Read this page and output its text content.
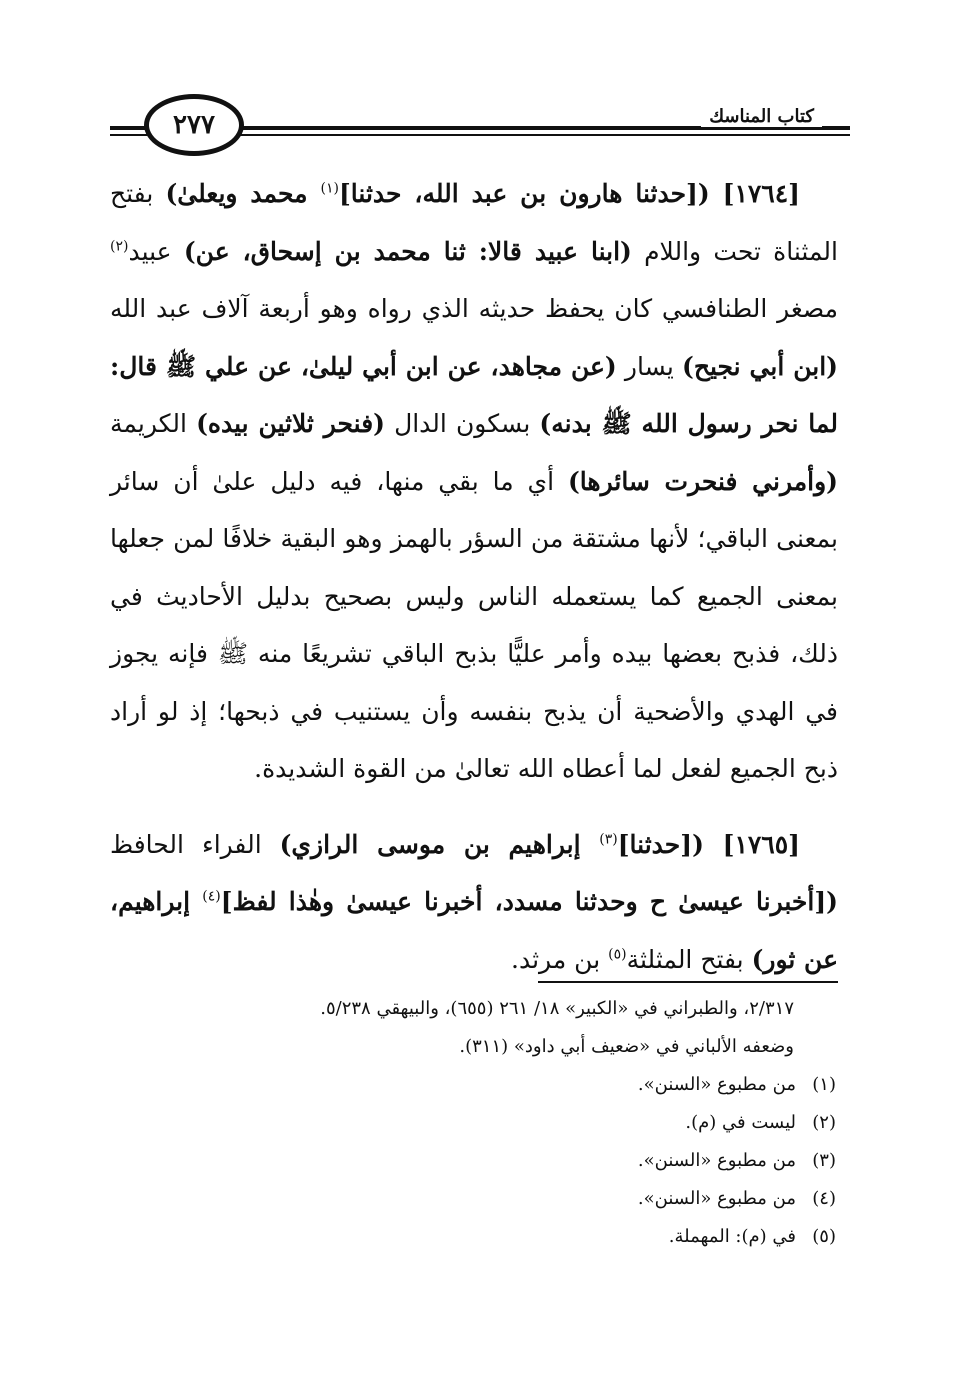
٢٧٧	كتاب المناسك

[١٧٦٤] ([حدثنا هارون بن عبد الله، حدثنا]$^{(١)}$ محمد ويعلىٰ) بفتح المثناة تحت واللام (ابنا عبيد قالا: ثنا محمد بن إسحاق، عن) عبيد$^{(٢)}$ مصغر الطنافسي كان يحفظ حديثه الذي رواه وهو أربعة آلاف عبد الله (ابن أبي نجيح) يسار (عن مجاهد، عن ابن أبي ليلىٰ، عن علي ﷺ قال: لما نحر رسول الله ﷺ بدنه) بسكون الدال (فنحر ثلاثين بيده) الكريمة (وأمرني فنحرت سائرها) أي ما بقي منها، فيه دليل علىٰ أن سائر بمعنى الباقي؛ لأنها مشتقة من السؤر بالهمز وهو البقية خلافًا لمن جعلها بمعنى الجميع كما يستعمله الناس وليس بصحيح بدليل الأحاديث في ذلك، فذبح بعضها بيده وأمر عليًّا بذبح الباقي تشريعًا منه ﷺ فإنه يجوز في الهدي والأضحية أن يذبح بنفسه وأن يستنيب في ذبحها؛ إذ لو أراد ذبح الجميع لفعل لما أعطاه الله تعالىٰ من القوة الشديدة.

[١٧٦٥] ([حدثنا]$^{(٣)}$ إبراهيم بن موسى الرازي) الفراء الحافظ ([أخبرنا عيسىٰ ح وحدثنا مسدد، أخبرنا عيسىٰ وهٰذا لفظ]$^{(٤)}$ إبراهيم، عن ثور) بفتح المثلثة$^{(٥)}$ بن مرثد.

٢/٣١٧، والطبراني في «الكبير» ١٨/ ٢٦١ (٦٥٥)، والبيهقي ٥/٢٣٨.

وضعفه الألباني في «ضعيف أبي داود» (٣١١).

(١)من مطبوع «السنن».

(٢)ليست في (م).

(٣)من مطبوع «السنن».

(٤)من مطبوع «السنن».

(٥)في (م): المهملة.
